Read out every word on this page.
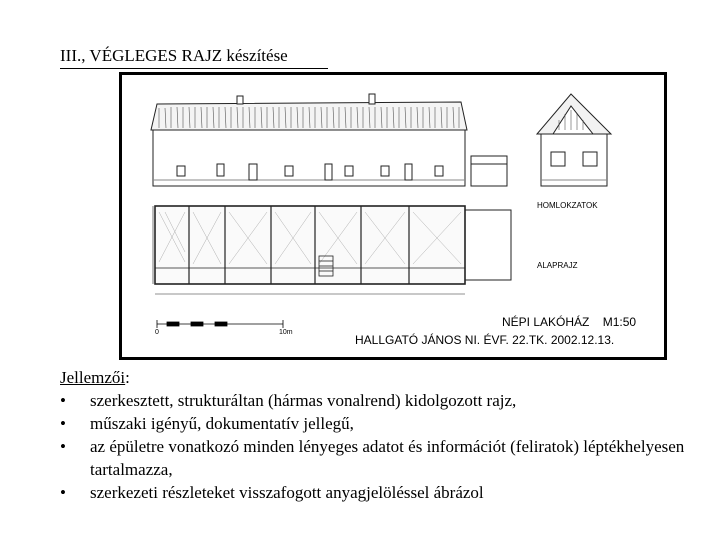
III., VÉGLEGES RAJZ készítése
0	10m
HOMLOKZATOK
ALAPRAJZ
NÉPI LAKÓHÁZ    M1:50
HALLGATÓ JÁNOS NI. ÉVF. 22.TK. 2002.12.13.
Jellemzői:
• szerkesztett, strukturáltan (hármas vonalrend) kidolgozott rajz,
• műszaki igényű, dokumentatív jellegű,
• az épületre vonatkozó minden lényeges adatot és információt (feliratok) léptékhelyesen tartalmazza,
• szerkezeti részleteket visszafogott anyagjelöléssel ábrázol
